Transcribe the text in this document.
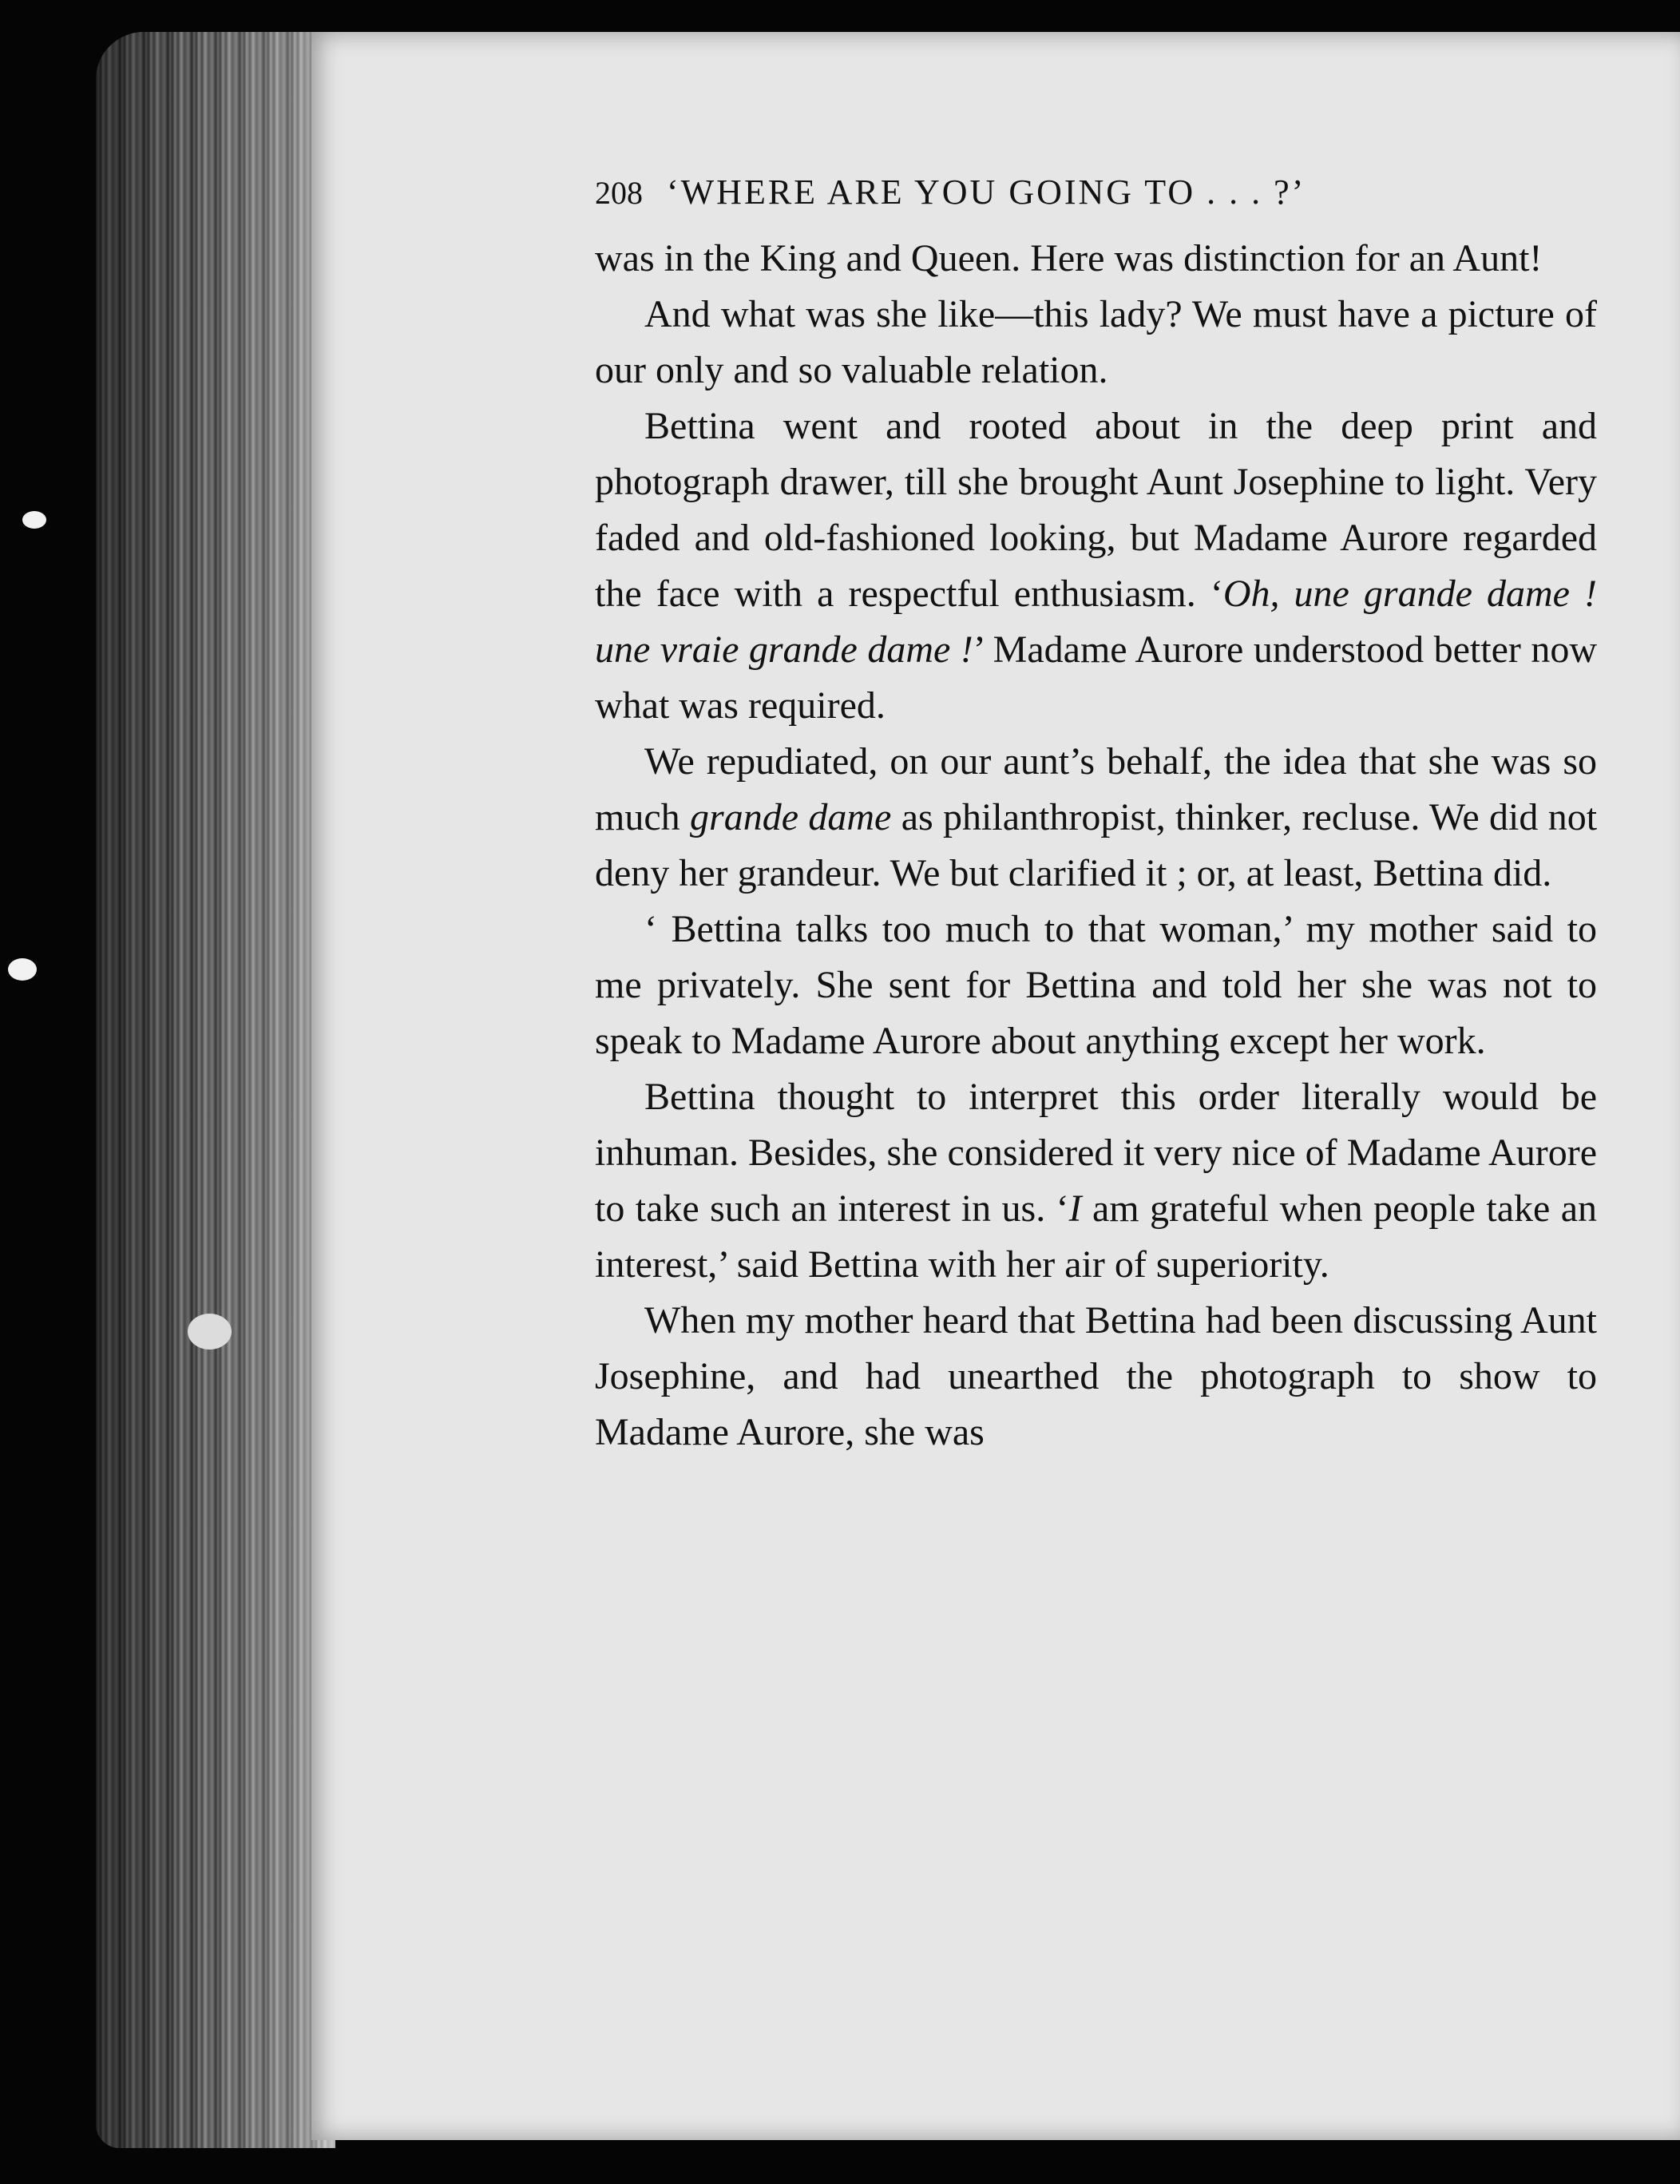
208 ‘WHERE ARE YOU GOING TO . . . ?’

was in the King and Queen. Here was distinction for an Aunt!

And what was she like—this lady? We must have a picture of our only and so valuable relation.

Bettina went and rooted about in the deep print and photograph drawer, till she brought Aunt Josephine to light. Very faded and old-fashioned looking, but Madame Aurore regarded the face with a respectful enthusiasm. ‘Oh, une grande dame ! une vraie grande dame !’ Madame Aurore understood better now what was required.

We repudiated, on our aunt’s behalf, the idea that she was so much grande dame as philanthropist, thinker, recluse. We did not deny her grandeur. We but clarified it ; or, at least, Bettina did.

‘ Bettina talks too much to that woman,’ my mother said to me privately. She sent for Bettina and told her she was not to speak to Madame Aurore about anything except her work.

Bettina thought to interpret this order literally would be inhuman. Besides, she considered it very nice of Madame Aurore to take such an interest in us. ‘I am grateful when people take an interest,’ said Bettina with her air of superiority.

When my mother heard that Bettina had been discussing Aunt Josephine, and had unearthed the photograph to show to Madame Aurore, she was
